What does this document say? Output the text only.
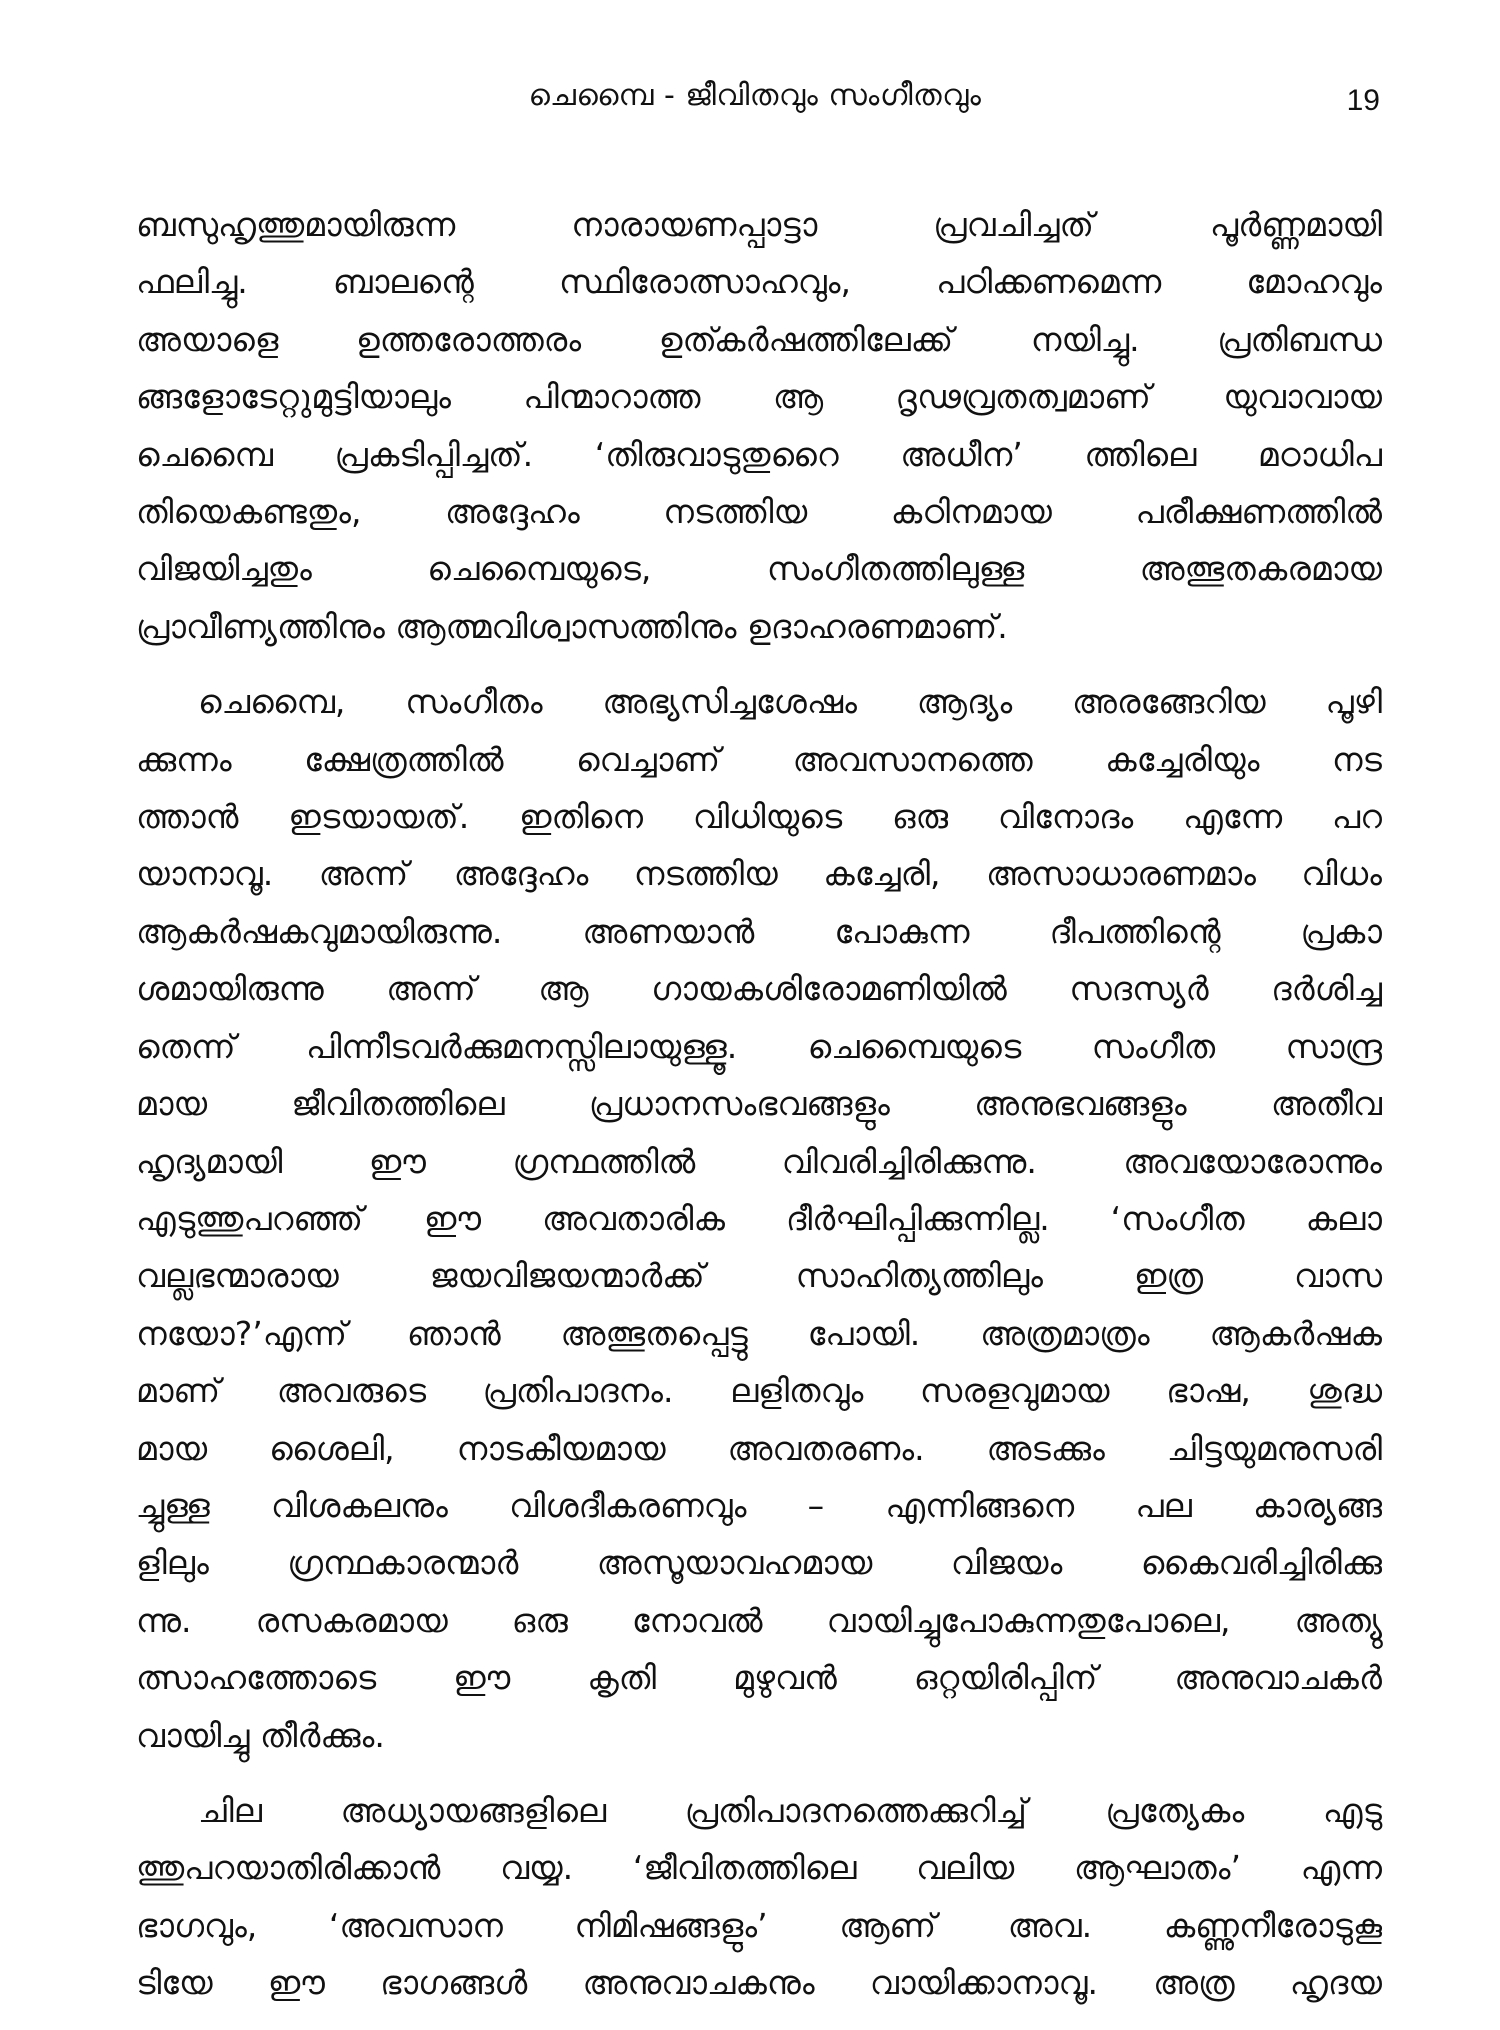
ചെമ്പൈ - ജീവിതവും സംഗീതവും	19
ബസുഹൃത്തുമായിരുന്ന നാരായണപ്പാട്ടാ പ്രവചിച്ചത് പൂർണ്ണമായി
ഫലിച്ചു. ബാലന്റെ സ്ഥിരോത്സാഹവും, പഠിക്കണമെന്ന മോഹവും
അയാളെ ഉത്തരോത്തരം ഉത്കർഷത്തിലേക്ക് നയിച്ചു. പ്രതിബന്ധ
ങ്ങളോടേറ്റുമുട്ടിയാലും പിന്മാറാത്ത ആ ദൃഢവ്രതത്വമാണ് യുവാവായ
ചെമ്പൈ പ്രകടിപ്പിച്ചത്. ‘തിരുവാടുതുറൈ അധീന’ ത്തിലെ മഠാധിപ
തിയെകണ്ടതും, അദ്ദേഹം നടത്തിയ കഠിനമായ പരീക്ഷണത്തിൽ
വിജയിച്ചതും ചെമ്പൈയുടെ, സംഗീതത്തിലുള്ള അത്ഭുതകരമായ
പ്രാവീണ്യത്തിനും ആത്മവിശ്വാസത്തിനും ഉദാഹരണമാണ്.
ചെമ്പൈ, സംഗീതം അഭ്യസിച്ചശേഷം ആദ്യം അരങ്ങേറിയ പൂഴി
ക്കുന്നം ക്ഷേത്രത്തിൽ വെച്ചാണ് അവസാനത്തെ കച്ചേരിയും നട
ത്താൻ ഇടയായത്. ഇതിനെ വിധിയുടെ ഒരു വിനോദം എന്നേ പറ
യാനാവൂ. അന്ന് അദ്ദേഹം നടത്തിയ കച്ചേരി, അസാധാരണമാം വിധം
ആകർഷകവുമായിരുന്നു. അണയാൻ പോകുന്ന ദീപത്തിന്റെ പ്രകാ
ശമായിരുന്നു അന്ന് ആ ഗായകശിരോമണിയിൽ സദസ്യർ ദർശിച്ച
തെന്ന് പിന്നീടവർക്കുമനസ്സിലായുള്ളൂ. ചെമ്പൈയുടെ സംഗീത സാന്ദ്ര
മായ ജീവിതത്തിലെ പ്രധാനസംഭവങ്ങളും അനുഭവങ്ങളും അതീവ
ഹൃദ്യമായി ഈ ഗ്രന്ഥത്തിൽ വിവരിച്ചിരിക്കുന്നു. അവയോരോന്നും
എടുത്തുപറഞ്ഞ് ഈ അവതാരിക ദീർഘിപ്പിക്കുന്നില്ല. ‘സംഗീത കലാ
വല്ലഭന്മാരായ ജയവിജയന്മാർക്ക് സാഹിത്യത്തിലും ഇത്ര വാസ
നയോ?’എന്ന് ഞാൻ അത്ഭുതപ്പെട്ടു പോയി. അത്രമാത്രം ആകർഷക
മാണ് അവരുടെ പ്രതിപാദനം. ലളിതവും സരളവുമായ ഭാഷ, ശുദ്ധ
മായ ശൈലി, നാടകീയമായ അവതരണം. അടക്കും ചിട്ടയുമനുസരി
ച്ചുള്ള വിശകലനും വിശദീകരണവും – എന്നിങ്ങനെ പല കാര്യങ്ങ
ളിലും ഗ്രന്ഥകാരന്മാർ അസൂയാവഹമായ വിജയം കൈവരിച്ചിരിക്കു
ന്നു. രസകരമായ ഒരു നോവൽ വായിച്ചുപോകുന്നതുപോലെ, അത്യു
ത്സാഹത്തോടെ ഈ കൃതി മുഴുവൻ ഒറ്റയിരിപ്പിന് അനുവാചകർ
വായിച്ചു തീർക്കും.
ചില അധ്യായങ്ങളിലെ പ്രതിപാദനത്തെക്കുറിച്ച് പ്രത്യേകം എടു
ത്തുപറയാതിരിക്കാൻ വയ്യ. ‘ജീവിതത്തിലെ വലിയ ആഘാതം’ എന്ന
ഭാഗവും, ‘അവസാന നിമിഷങ്ങളും’ ആണ് അവ. കണ്ണുനീരോടുകൂ
ടിയേ ഈ ഭാഗങ്ങൾ അനുവാചകനും വായിക്കാനാവൂ. അത്ര ഹൃദയ
